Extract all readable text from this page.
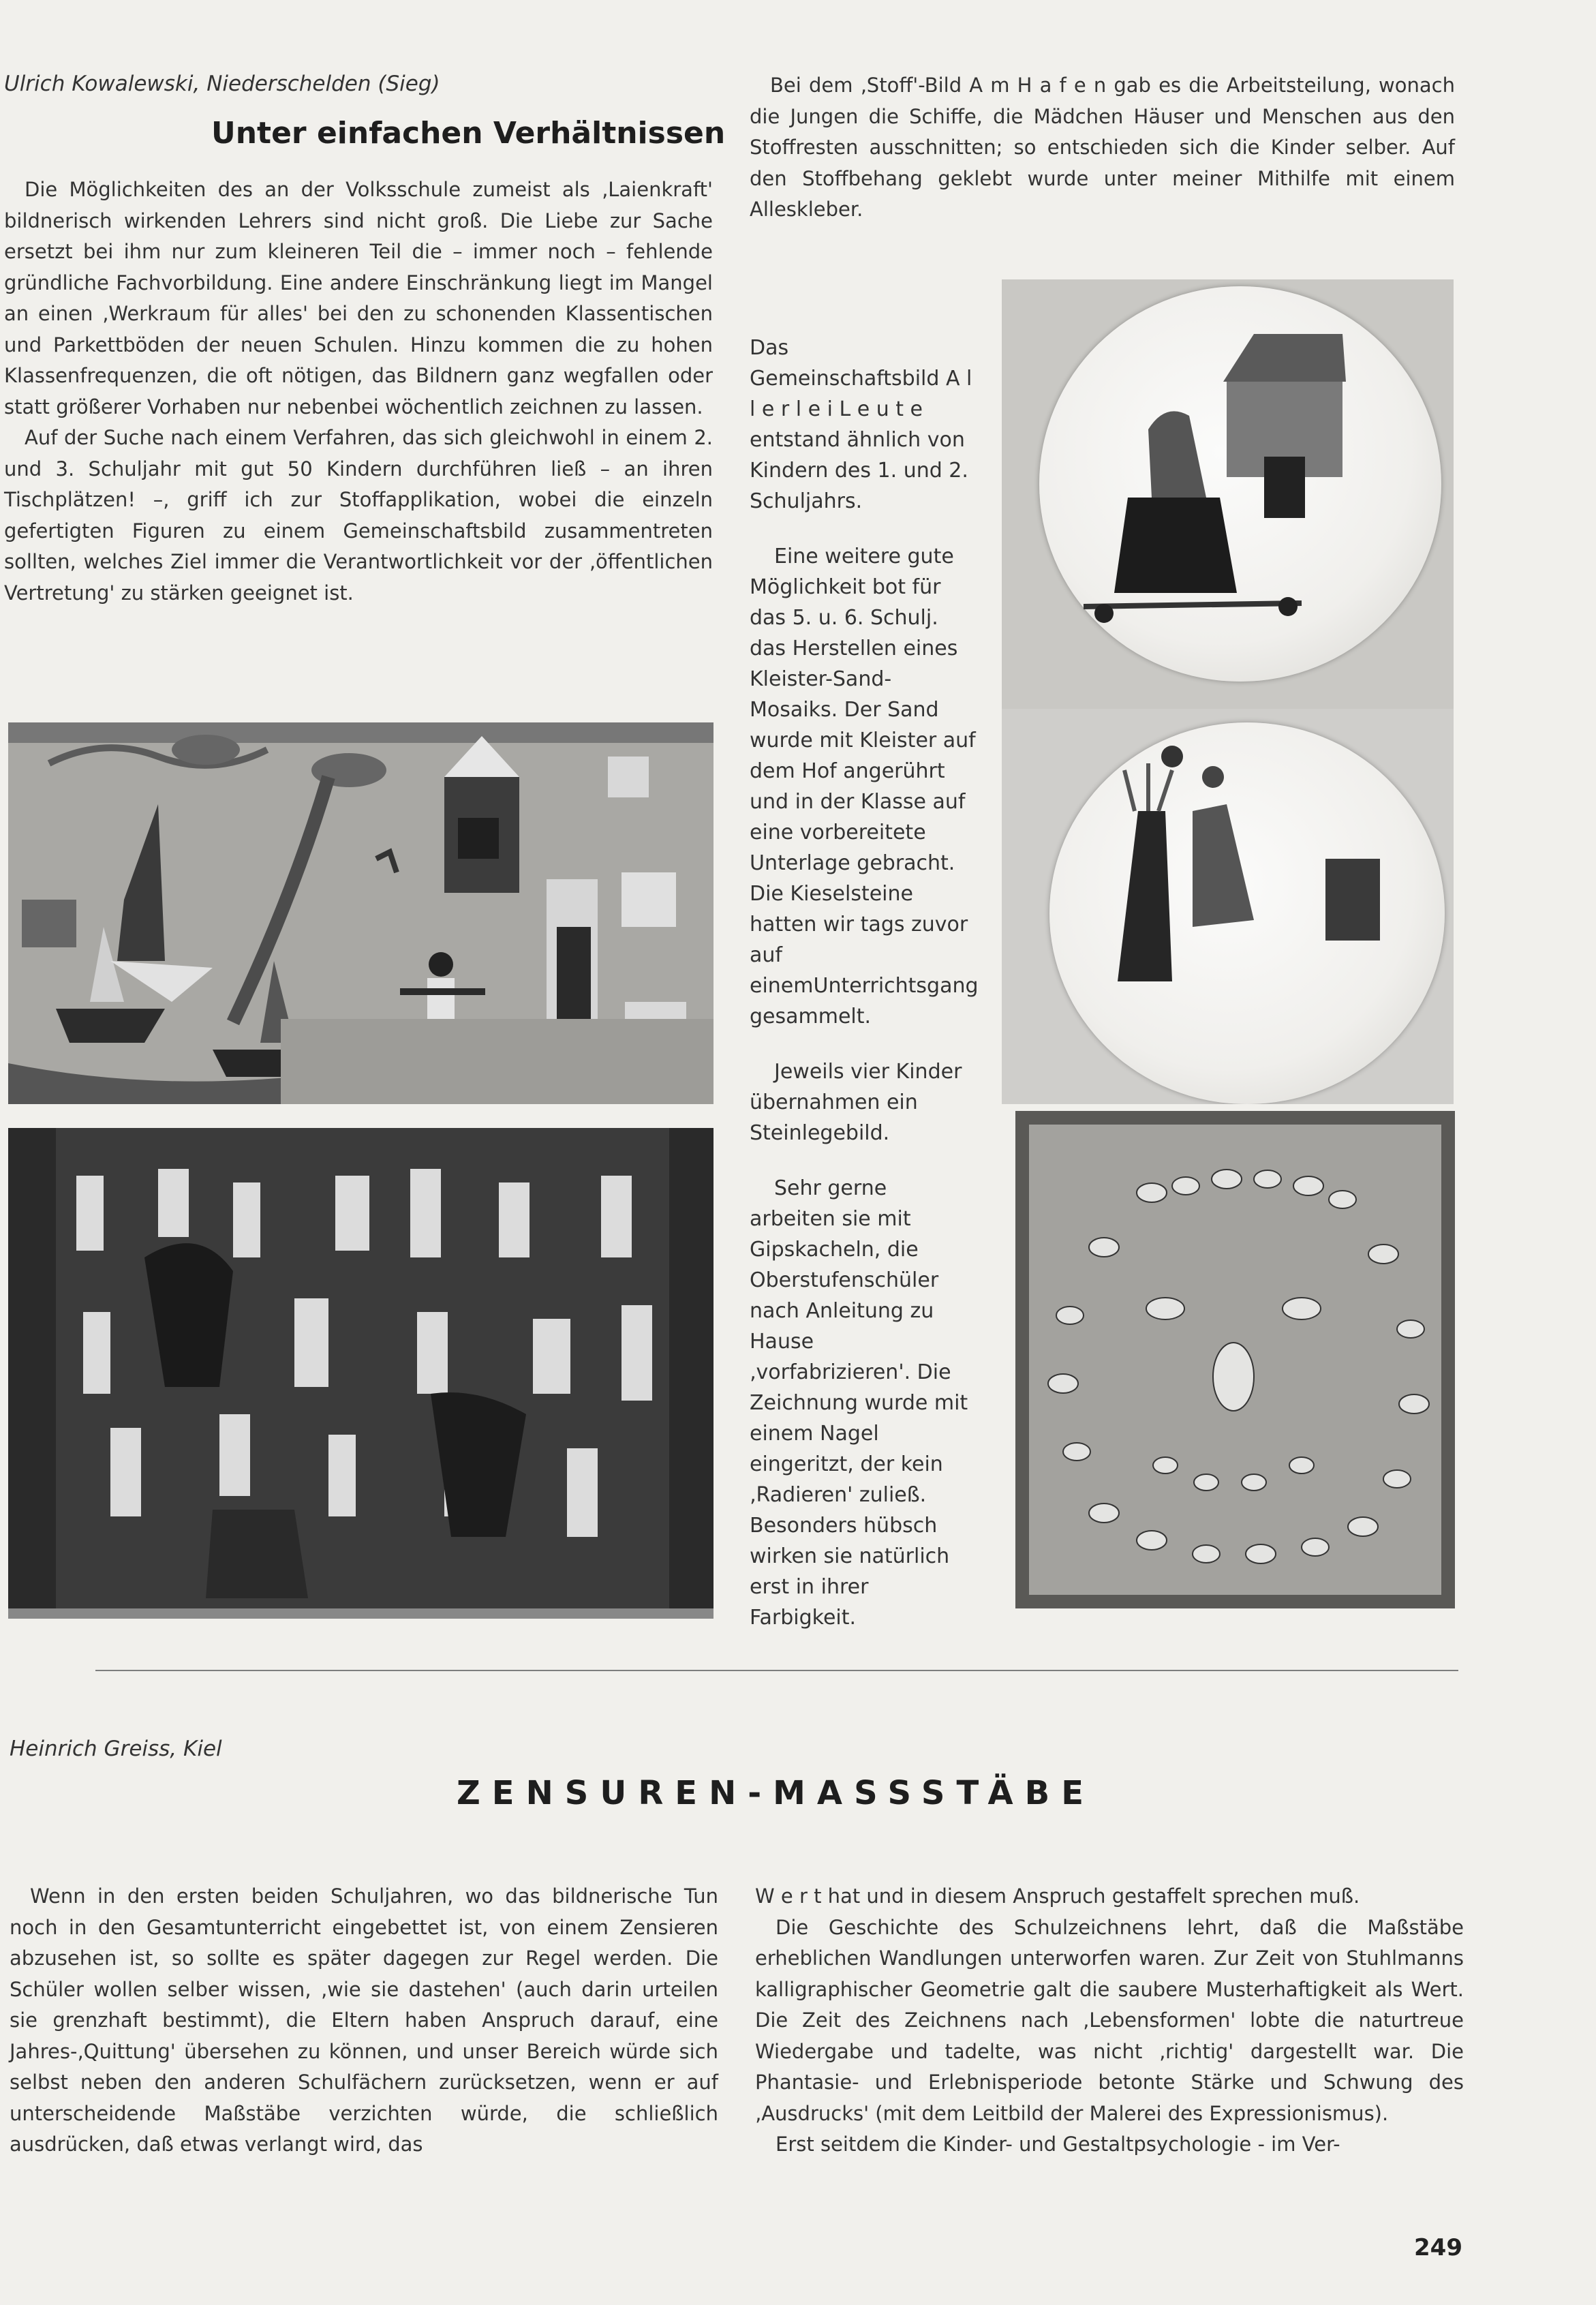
Ulrich Kowalewski, Niederschelden (Sieg)
Unter einfachen Verhältnissen

Die Möglichkeiten des an der Volksschule zumeist als ‚Laienkraft' bildnerisch wirkenden Lehrers sind nicht groß. Die Liebe zur Sache ersetzt bei ihm nur zum kleineren Teil die – immer noch – fehlende gründliche Fachvorbildung. Eine andere Einschränkung liegt im Mangel an einen ‚Werkraum für alles' bei den zu schonenden Klassentischen und Parkettböden der neuen Schulen. Hinzu kommen die zu hohen Klassenfrequenzen, die oft nötigen, das Bildnern ganz wegfallen oder statt größerer Vorhaben nur nebenbei wöchentlich zeichnen zu lassen.

Auf der Suche nach einem Verfahren, das sich gleichwohl in einem 2. und 3. Schuljahr mit gut 50 Kindern durchführen ließ – an ihren Tischplätzen! –, griff ich zur Stoffapplikation, wobei die einzeln gefertigten Figuren zu einem Gemeinschaftsbild zusammentreten sollten, welches Ziel immer die Verantwortlichkeit vor der ‚öffentlichen Vertretung' zu stärken geeignet ist.

Bei dem ‚Stoff'-Bild A m H a f e n gab es die Arbeitsteilung, wonach die Jungen die Schiffe, die Mädchen Häuser und Menschen aus den Stoffresten ausschnitten; so entschieden sich die Kinder selber. Auf den Stoffbehang geklebt wurde unter meiner Mithilfe mit einem Alleskleber.

Das Gemeinschaftsbild A l l e r l e i L e u t e entstand ähnlich von Kindern des 1. und 2. Schuljahrs.

Eine weitere gute Möglichkeit bot für das 5. u. 6. Schulj. das Herstellen eines Kleister-Sand-Mosaiks. Der Sand wurde mit Kleister auf dem Hof angerührt und in der Klasse auf eine vorbereitete Unterlage gebracht. Die Kieselsteine hatten wir tags zuvor auf einemUnterrichtsgang gesammelt.

Jeweils vier Kinder übernahmen ein Steinlegebild.

Sehr gerne arbeiten sie mit Gipskacheln, die Oberstufenschüler nach Anleitung zu Hause ‚vorfabrizieren'. Die Zeichnung wurde mit einem Nagel eingeritzt, der kein ‚Radieren' zuließ. Besonders hübsch wirken sie natürlich erst in ihrer Farbigkeit.

Heinrich Greiss, Kiel
ZENSUREN-MASSSTÄBE

Wenn in den ersten beiden Schuljahren, wo das bildnerische Tun noch in den Gesamtunterricht eingebettet ist, von einem Zensieren abzusehen ist, so sollte es später dagegen zur Regel werden. Die Schüler wollen selber wissen, ‚wie sie dastehen' (auch darin urteilen sie grenzhaft bestimmt), die Eltern haben Anspruch darauf, eine Jahres-‚Quittung' übersehen zu können, und unser Bereich würde sich selbst neben den anderen Schulfächern zurücksetzen, wenn er auf unterscheidende Maßstäbe verzichten würde, die schließlich ausdrücken, daß etwas verlangt wird, das

W e r t hat und in diesem Anspruch gestaffelt sprechen muß.

Die Geschichte des Schulzeichnens lehrt, daß die Maßstäbe erheblichen Wandlungen unterworfen waren. Zur Zeit von Stuhlmanns kalligraphischer Geometrie galt die saubere Musterhaftigkeit als Wert. Die Zeit des Zeichnens nach ‚Lebensformen' lobte die naturtreue Wiedergabe und tadelte, was nicht ‚richtig' dargestellt war. Die Phantasie- und Erlebnisperiode betonte Stärke und Schwung des ‚Ausdrucks' (mit dem Leitbild der Malerei des Expressionismus).

Erst seitdem die Kinder- und Gestaltpsychologie - im Ver-

249
